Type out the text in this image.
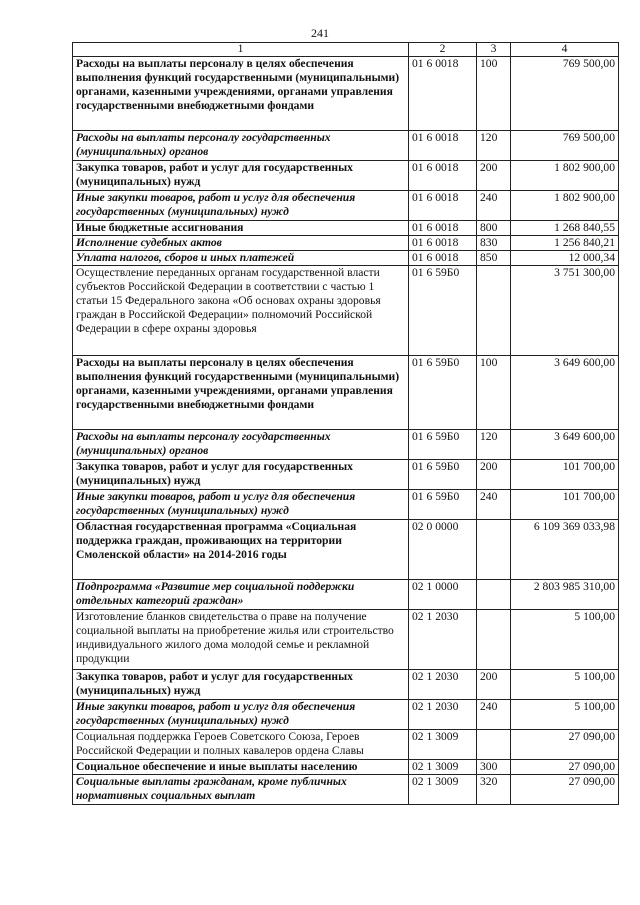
241
1	2	3	4
Расходы на выплаты персоналу в целях обеспечения выполнения функций государственными (муниципальными) органами, казенными учреждениями, органами управления государственными внебюджетными фондами	01 6 0018	100	769 500,00
Расходы на выплаты персоналу государственных (муниципальных) органов	01 6 0018	120	769 500,00
Закупка товаров, работ и услуг для государственных (муниципальных) нужд	01 6 0018	200	1 802 900,00
Иные закупки товаров, работ и услуг для обеспечения государственных (муниципальных) нужд	01 6 0018	240	1 802 900,00
Иные бюджетные ассигнования	01 6 0018	800	1 268 840,55
Исполнение судебных актов	01 6 0018	830	1 256 840,21
Уплата налогов, сборов и иных платежей	01 6 0018	850	12 000,34
Осуществление переданных органам государственной власти субъектов Российской Федерации в соответствии с частью 1 статьи 15 Федерального закона «Об основах охраны здоровья граждан в Российской Федерации» полномочий Российской Федерации в сфере охраны здоровья	01 6 59Б0		3 751 300,00
Расходы на выплаты персоналу в целях обеспечения выполнения функций государственными (муниципальными) органами, казенными учреждениями, органами управления государственными внебюджетными фондами	01 6 59Б0	100	3 649 600,00
Расходы на выплаты персоналу государственных (муниципальных) органов	01 6 59Б0	120	3 649 600,00
Закупка товаров, работ и услуг для государственных (муниципальных) нужд	01 6 59Б0	200	101 700,00
Иные закупки товаров, работ и услуг для обеспечения государственных (муниципальных) нужд	01 6 59Б0	240	101 700,00
Областная государственная программа «Социальная поддержка граждан, проживающих на территории Смоленской области» на 2014-2016 годы	02 0 0000		6 109 369 033,98
Подпрограмма «Развитие мер социальной поддержки отдельных категорий граждан»	02 1 0000		2 803 985 310,00
Изготовление бланков свидетельства о праве на получение социальной выплаты на приобретение жилья или строительство индивидуального жилого дома молодой семье и рекламной продукции	02 1 2030		5 100,00
Закупка товаров, работ и услуг для государственных (муниципальных) нужд	02 1 2030	200	5 100,00
Иные закупки товаров, работ и услуг для обеспечения государственных (муниципальных) нужд	02 1 2030	240	5 100,00
Социальная поддержка Героев Советского Союза, Героев Российской Федерации и полных кавалеров ордена Славы	02 1 3009		27 090,00
Социальное обеспечение и иные выплаты населению	02 1 3009	300	27 090,00
Социальные выплаты гражданам, кроме публичных нормативных социальных выплат	02 1 3009	320	27 090,00
